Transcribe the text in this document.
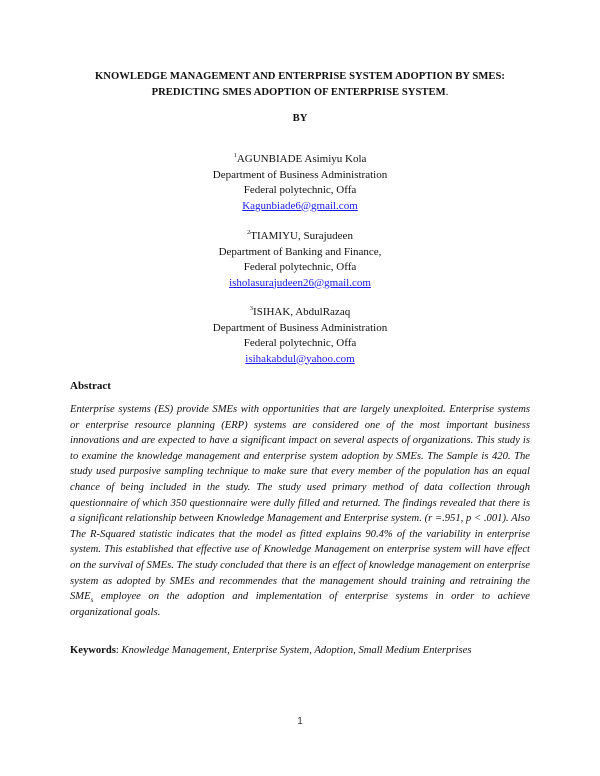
KNOWLEDGE MANAGEMENT AND ENTERPRISE SYSTEM ADOPTION BY SMES:
PREDICTING SMES ADOPTION OF ENTERPRISE SYSTEM.
BY
$^1$AGUNBIADE Asimiyu Kola
Department of Business Administration
Federal polytechnic, Offa
Kagunbiade6@gmail.com
$^2$TIAMIYU, Surajudeen
Department of Banking and Finance,
Federal polytechnic, Offa
isholasurajudeen26@gmail.com
$^3$ISIHAK, AbdulRazaq
Department of Business Administration
Federal polytechnic, Offa
isihakabdul@yahoo.com
Abstract
Enterprise systems (ES) provide SMEs with opportunities that are largely unexploited. Enterprise systems or enterprise resource planning (ERP) systems are considered one of the most important business innovations and are expected to have a significant impact on several aspects of organizations. This study is to examine the knowledge management and enterprise system adoption by SMEs. The Sample is 420. The study used purposive sampling technique to make sure that every member of the population has an equal chance of being included in the study. The study used primary method of data collection through questionnaire of which 350 questionnaire were dully filled and returned. The findings revealed that there is a significant relationship between Knowledge Management and Enterprise system. (r =.951, p < .001). Also The R-Squared statistic indicates that the model as fitted explains 90.4% of the variability in enterprise system. This established that effective use of Knowledge Management on enterprise system will have effect on the survival of SMEs. The study concluded that there is an effect of knowledge management on enterprise system as adopted by SMEs and recommendes that the management should training and retraining the $SME_s$ employee on the adoption and implementation of enterprise systems in order to achieve organizational goals.
Keywords: Knowledge Management, Enterprise System, Adoption, Small Medium Enterprises
1
